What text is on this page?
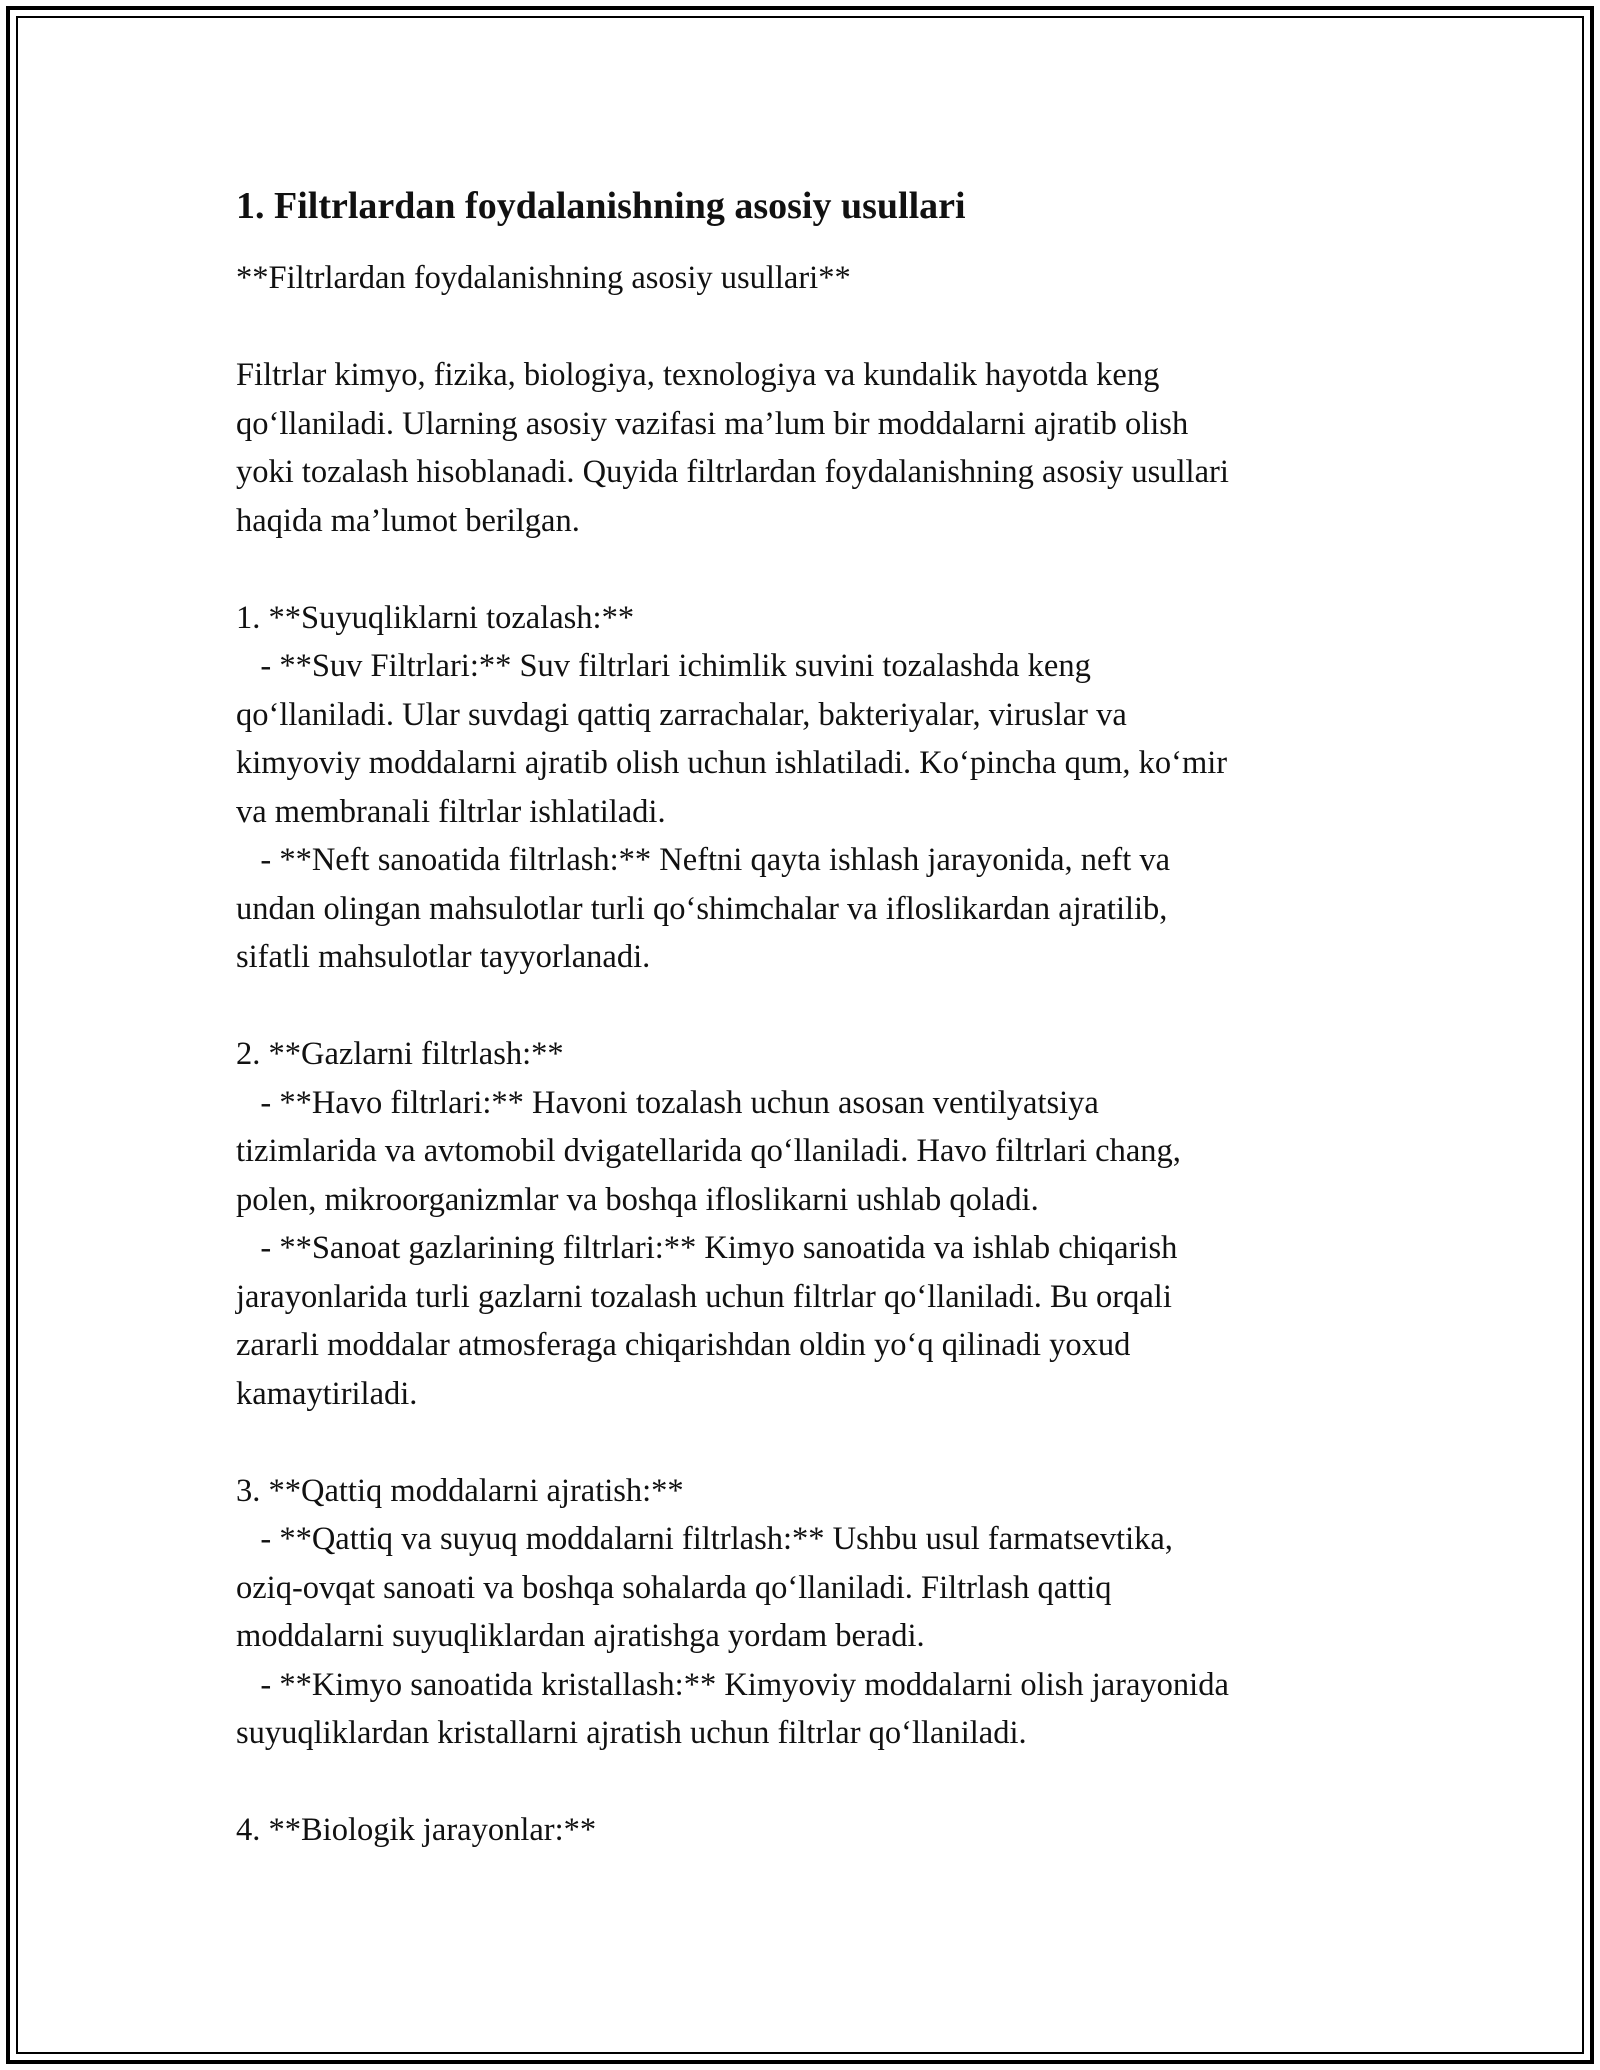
1. Filtrlardan foydalanishning asosiy usullari
**Filtrlardan foydalanishning asosiy usullari**
Filtrlar kimyo, fizika, biologiya, texnologiya va kundalik hayotda keng
qo‘llaniladi. Ularning asosiy vazifasi ma’lum bir moddalarni ajratib olish
yoki tozalash hisoblanadi. Quyida filtrlardan foydalanishning asosiy usullari
haqida ma’lumot berilgan.
1. **Suyuqliklarni tozalash:**
- **Suv Filtrlari:** Suv filtrlari ichimlik suvini tozalashda keng
qo‘llaniladi. Ular suvdagi qattiq zarrachalar, bakteriyalar, viruslar va
kimyoviy moddalarni ajratib olish uchun ishlatiladi. Ko‘pincha qum, ko‘mir
va membranali filtrlar ishlatiladi.
- **Neft sanoatida filtrlash:** Neftni qayta ishlash jarayonida, neft va
undan olingan mahsulotlar turli qo‘shimchalar va ifloslikardan ajratilib,
sifatli mahsulotlar tayyorlanadi.
2. **Gazlarni filtrlash:**
- **Havo filtrlari:** Havoni tozalash uchun asosan ventilyatsiya
tizimlarida va avtomobil dvigatellarida qo‘llaniladi. Havo filtrlari chang,
polen, mikroorganizmlar va boshqa ifloslikarni ushlab qoladi.
- **Sanoat gazlarining filtrlari:** Kimyo sanoatida va ishlab chiqarish
jarayonlarida turli gazlarni tozalash uchun filtrlar qo‘llaniladi. Bu orqali
zararli moddalar atmosferaga chiqarishdan oldin yo‘q qilinadi yoxud
kamaytiriladi.
3. **Qattiq moddalarni ajratish:**
- **Qattiq va suyuq moddalarni filtrlash:** Ushbu usul farmatsevtika,
oziq-ovqat sanoati va boshqa sohalarda qo‘llaniladi. Filtrlash qattiq
moddalarni suyuqliklardan ajratishga yordam beradi.
- **Kimyo sanoatida kristallash:** Kimyoviy moddalarni olish jarayonida
suyuqliklardan kristallarni ajratish uchun filtrlar qo‘llaniladi.
4. **Biologik jarayonlar:**
